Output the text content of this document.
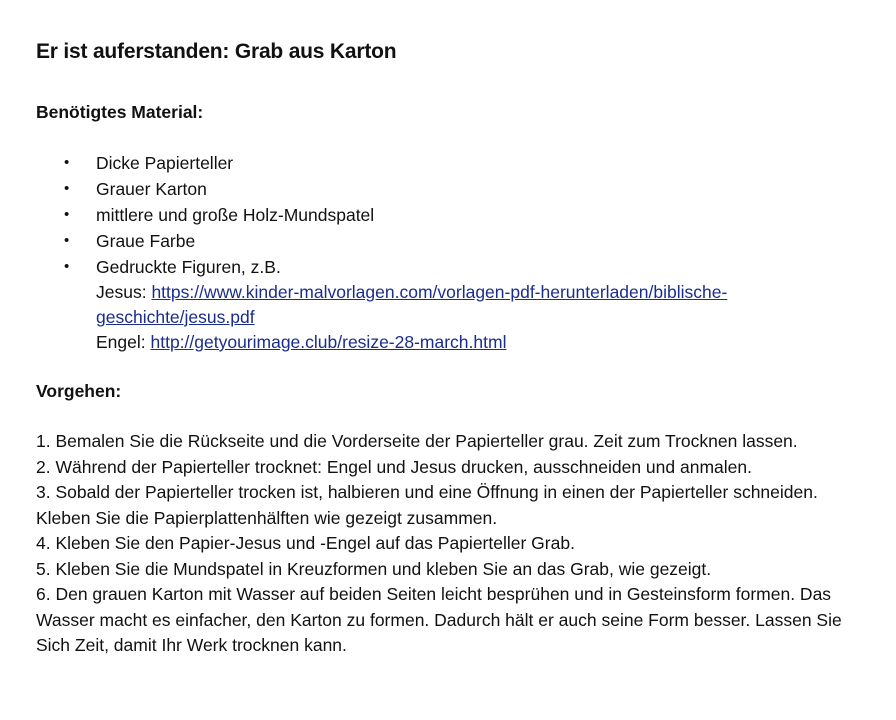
Er ist auferstanden: Grab aus Karton
Benötigtes Material:
• Dicke Papierteller
• Grauer Karton
• mittlere und große Holz-Mundspatel
• Graue Farbe
• Gedruckte Figuren, z.B.
Jesus: https://www.kinder-malvorlagen.com/vorlagen-pdf-herunterladen/biblische-
geschichte/jesus.pdf
Engel: http://getyourimage.club/resize-28-march.html
Vorgehen:

1. Bemalen Sie die Rückseite und die Vorderseite der Papierteller grau. Zeit zum Trocknen lassen.

2. Während der Papierteller trocknet: Engel und Jesus drucken, ausschneiden und anmalen.

3. Sobald der Papierteller trocken ist, halbieren und eine Öffnung in einen der Papierteller schneiden. Kleben Sie die Papierplattenhälften wie gezeigt zusammen.

4. Kleben Sie den Papier-Jesus und -Engel auf das Papierteller Grab.

5. Kleben Sie die Mundspatel in Kreuzformen und kleben Sie an das Grab, wie gezeigt.

6. Den grauen Karton mit Wasser auf beiden Seiten leicht besprühen und in Gesteinsform formen. Das Wasser macht es einfacher, den Karton zu formen. Dadurch hält er auch seine Form besser. Lassen Sie Sich Zeit, damit Ihr Werk trocknen kann.
